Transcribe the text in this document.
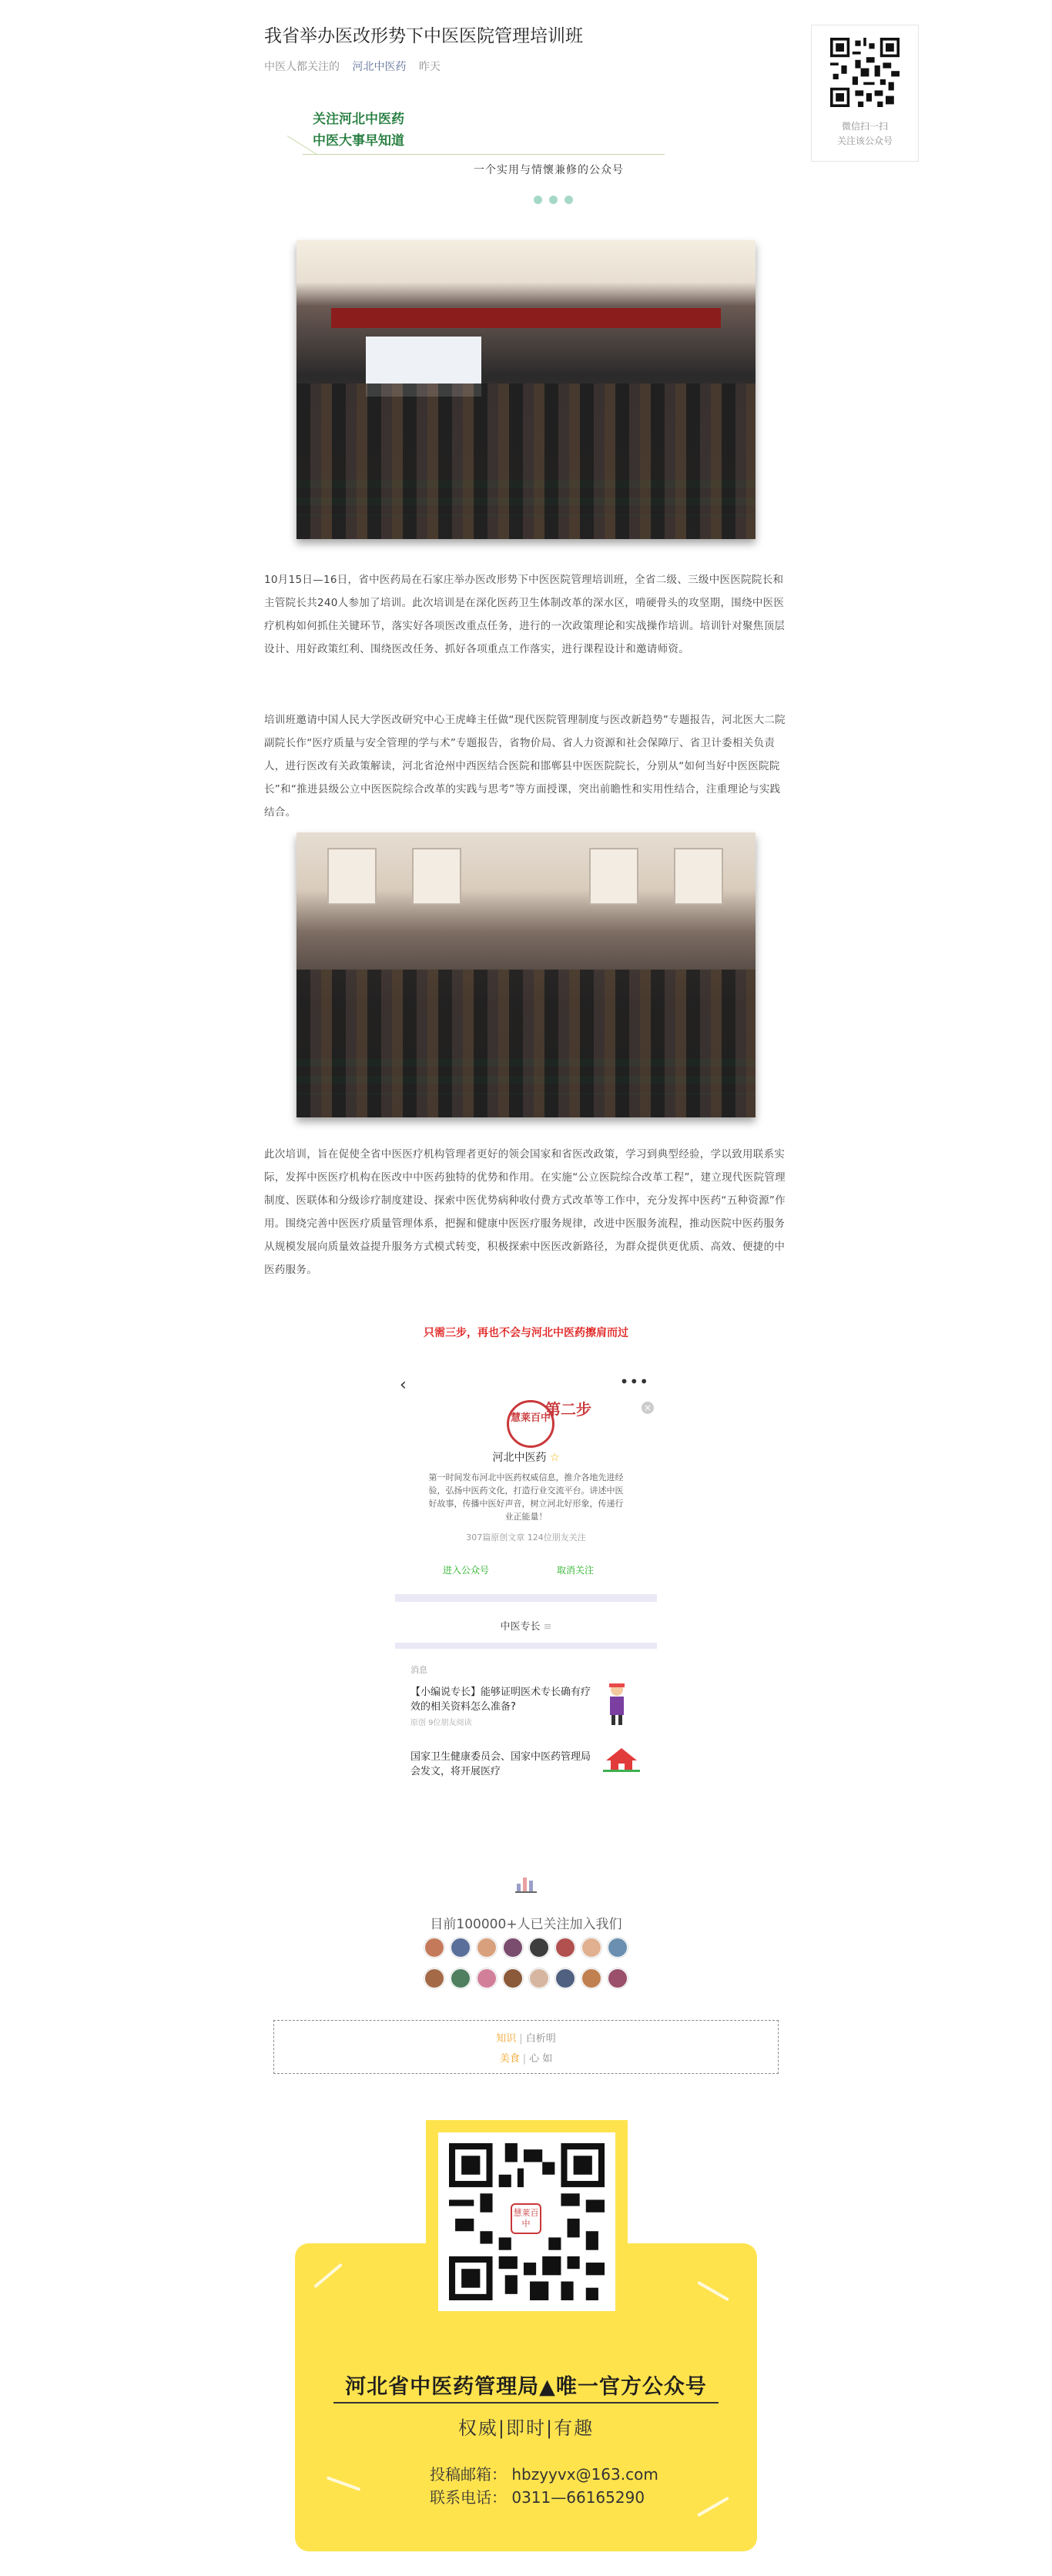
微信扫一扫
关注该公众号
我省举办医改形势下中医医院管理培训班
中医人都关注的 河北中医药 昨天
关注河北中医药
中医大事早知道
一个实用与情懷兼修的公众号

10月15日—16日，省中医药局在石家庄举办医改形势下中医医院管理培训班，全省二级、三级中医医院院长和主管院长共240人参加了培训。此次培训是在深化医药卫生体制改革的深水区，啃硬骨头的攻坚期，围绕中医医疗机构如何抓住关键环节，落实好各项医改重点任务，进行的一次政策理论和实战操作培训。培训针对聚焦顶层设计、用好政策红利、围绕医改任务、抓好各项重点工作落实，进行课程设计和邀请师资。

培训班邀请中国人民大学医改研究中心王虎峰主任做“现代医院管理制度与医改新趋势”专题报告，河北医大二院副院长作“医疗质量与安全管理的学与术”专题报告，省物价局、省人力资源和社会保障厅、省卫计委相关负责人，进行医改有关政策解读，河北省沧州中西医结合医院和邯郸县中医医院院长，分别从“如何当好中医医院院长”和“推进县级公立中医医院综合改革的实践与思考”等方面授课，突出前瞻性和实用性结合，注重理论与实践结合。

此次培训，旨在促使全省中医医疗机构管理者更好的领会国家和省医改政策，学习到典型经验，学以致用联系实际，发挥中医医疗机构在医改中中医药独特的优势和作用。在实施“公立医院综合改革工程”，建立现代医院管理制度、医联体和分级诊疗制度建设、探索中医优势病种收付费方式改革等工作中，充分发挥中医药“五种资源”作用。围绕完善中医医疗质量管理体系，把握和健康中医医疗服务规律，改进中医服务流程，推动医院中医药服务从规模发展向质量效益提升服务方式模式转变，积极探索中医医改新路径，为群众提供更优质、高效、便捷的中医药服务。

只需三步，再也不会与河北中医药擦肩而过
‹	•••
慧莱百中
第二步	×
河北中医药 ☆
第一时间发布河北中医药权威信息，推介各地先进经验，弘扬中医药文化，打造行业交流平台。讲述中医好故事，传播中医好声音，树立河北好形象，传递行业正能量！
307篇原创文章 124位朋友关注
进入公众号	取消关注
中医专长 ≡
消息
【小编说专长】能够证明医术专长确有疗效的相关资料怎么准备?
原创 9位朋友阅读
国家卫生健康委员会、国家中医药管理局会发文，将开展医疗
目前100000+人已关注加入我们
知识 | 白析明
美食 | 心 如
慧莱百中
河北省中医药管理局▲唯一官方公众号
权威|即时|有趣
投稿邮箱： hbzyyvx@163.com
联系电话： 0311—66165290
